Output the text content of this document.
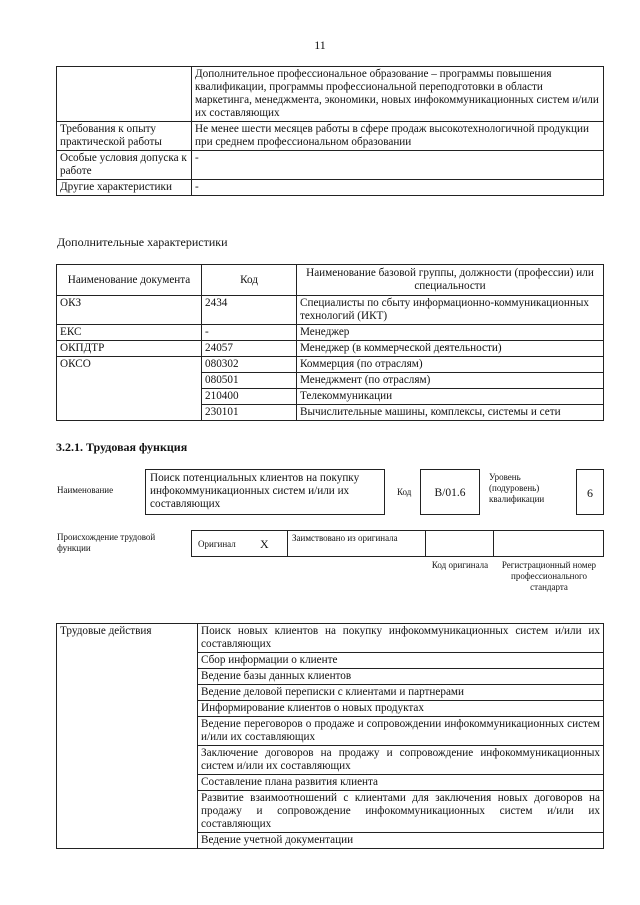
11
	Дополнительное профессиональное образование – программы повышения квалификации, программы профессиональной переподготовки в области маркетинга, менеджмента, экономики, новых инфокоммуникационных систем и/или их составляющих
Требования к опыту практической работы	Не менее шести месяцев работы в сфере продаж высокотехнологичной продукции при среднем профессиональном образовании
Особые условия допуска к работе	-
Другие характеристики	-
Дополнительные характеристики
Наименование документа	Код	Наименование базовой группы, должности (профессии) или специальности
ОКЗ	2434	Специалисты по сбыту информационно-коммуникационных технологий (ИКТ)
ЕКС	-	Менеджер
ОКПДТР	24057	Менеджер (в коммерческой деятельности)
ОКСО	080302	Коммерция (по отраслям)
	080501	Менеджмент (по отраслям)
	210400	Телекоммуникации
	230101	Вычислительные машины, комплексы, системы и сети
3.2.1. Трудовая функция
Наименование
Поиск потенциальных клиентов на покупку инфокоммуникационных систем и/или их составляющих
Код	B/01.6
Уровень (подуровень) квалификации	6
Происхождение трудовой функции	Оригинал X	Заимствовано из оригинала
Код оригинала	Регистрационный номер профессионального стандарта
Трудовые действия	Поиск новых клиентов на покупку инфокоммуникационных систем и/или их составляющих
Сбор информации о клиенте
Ведение базы данных клиентов
Ведение деловой переписки с клиентами и партнерами
Информирование клиентов о новых продуктах
Ведение переговоров о продаже и сопровождении инфокоммуникационных систем и/или их составляющих
Заключение договоров на продажу и сопровождение инфокоммуникационных систем и/или их составляющих
Составление плана развития клиента
Развитие взаимоотношений с клиентами для заключения новых договоров на продажу и сопровождение инфокоммуникационных систем и/или их составляющих
Ведение учетной документации
